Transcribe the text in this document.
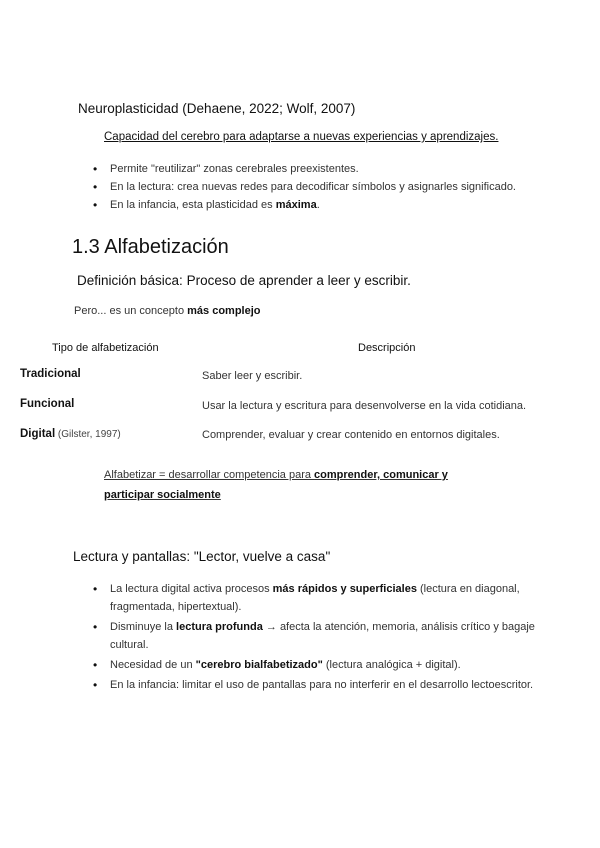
Neuroplasticidad (Dehaene, 2022; Wolf, 2007)
Capacidad del cerebro para adaptarse a nuevas experiencias y aprendizajes.
• Permite "reutilizar" zonas cerebrales preexistentes.
• En la lectura: crea nuevas redes para decodificar símbolos y asignarles significado.
• En la infancia, esta plasticidad es máxima.
1.3 Alfabetización
Definición básica: Proceso de aprender a leer y escribir.
Pero... es un concepto más complejo
Tipo de alfabetización	Descripción
Tradicional	Saber leer y escribir.
Funcional	Usar la lectura y escritura para desenvolverse en la vida cotidiana.
Digital (Gilster, 1997)	Comprender, evaluar y crear contenido en entornos digitales.
Alfabetizar = desarrollar competencia para comprender, comunicar y participar socialmente
Lectura y pantallas: "Lector, vuelve a casa"
• La lectura digital activa procesos más rápidos y superficiales (lectura en diagonal, fragmentada, hipertextual).
• Disminuye la lectura profunda → afecta la atención, memoria, análisis crítico y bagaje cultural.
• Necesidad de un "cerebro bialfabetizado" (lectura analógica + digital).
• En la infancia: limitar el uso de pantallas para no interferir en el desarrollo lectoescritor.
